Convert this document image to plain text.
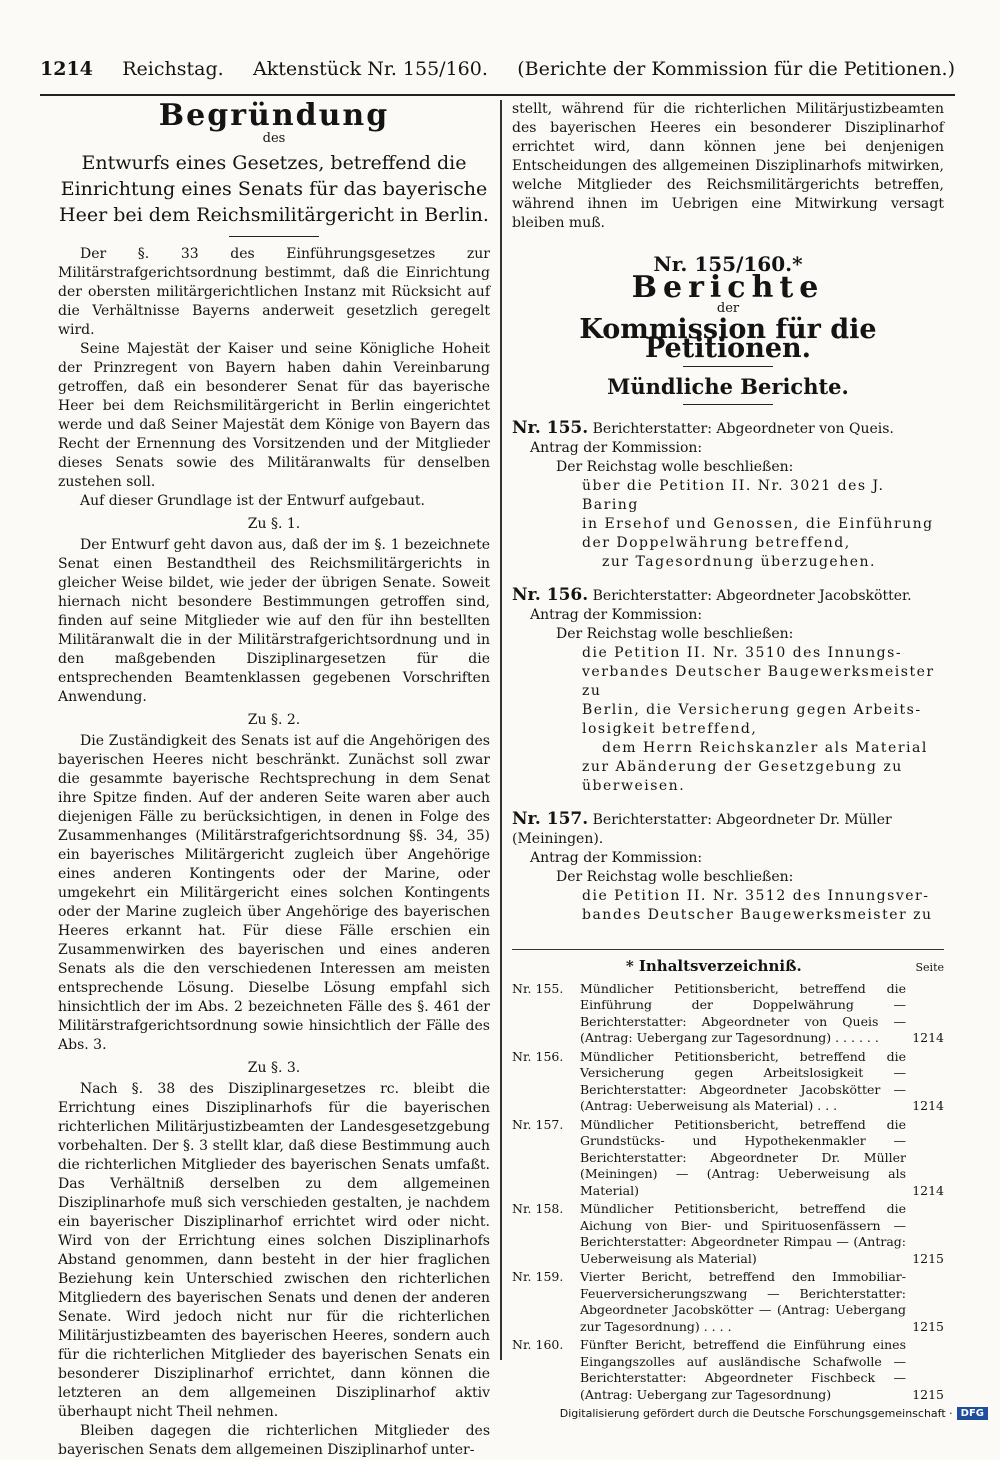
1214 Reichstag. Aktenstück Nr. 155/160. (Berichte der Kommission für die Petitionen.)
Begründung
des
Entwurfs eines Gesetzes, betreffend die Einrichtung eines Senats für das bayerische Heer bei dem Reichsmilitärgericht in Berlin.

Der §. 33 des Einführungsgesetzes zur Militärstrafgerichtsordnung bestimmt, daß die Einrichtung der obersten militärgerichtlichen Instanz mit Rücksicht auf die Verhältnisse Bayerns anderweit gesetzlich geregelt wird.

Seine Majestät der Kaiser und seine Königliche Hoheit der Prinzregent von Bayern haben dahin Vereinbarung getroffen, daß ein besonderer Senat für das bayerische Heer bei dem Reichsmilitärgericht in Berlin eingerichtet werde und daß Seiner Majestät dem Könige von Bayern das Recht der Ernennung des Vorsitzenden und der Mitglieder dieses Senats sowie des Militäranwalts für denselben zustehen soll.

Auf dieser Grundlage ist der Entwurf aufgebaut.

Zu §. 1.

Der Entwurf geht davon aus, daß der im §. 1 bezeichnete Senat einen Bestandtheil des Reichsmilitärgerichts in gleicher Weise bildet, wie jeder der übrigen Senate. Soweit hiernach nicht besondere Bestimmungen getroffen sind, finden auf seine Mitglieder wie auf den für ihn bestellten Militäranwalt die in der Militärstrafgerichtsordnung und in den maßgebenden Disziplinargesetzen für die entsprechenden Beamtenklassen gegebenen Vorschriften Anwendung.

Zu §. 2.

Die Zuständigkeit des Senats ist auf die Angehörigen des bayerischen Heeres nicht beschränkt. Zunächst soll zwar die gesammte bayerische Rechtsprechung in dem Senat ihre Spitze finden. Auf der anderen Seite waren aber auch diejenigen Fälle zu berücksichtigen, in denen in Folge des Zusammenhanges (Militärstrafgerichtsordnung §§. 34, 35) ein bayerisches Militärgericht zugleich über Angehörige eines anderen Kontingents oder der Marine, oder umgekehrt ein Militärgericht eines solchen Kontingents oder der Marine zugleich über Angehörige des bayerischen Heeres erkannt hat. Für diese Fälle erschien ein Zusammenwirken des bayerischen und eines anderen Senats als die den verschiedenen Interessen am meisten entsprechende Lösung. Dieselbe Lösung empfahl sich hinsichtlich der im Abs. 2 bezeichneten Fälle des §. 461 der Militärstrafgerichtsordnung sowie hinsichtlich der Fälle des Abs. 3.

Zu §. 3.

Nach §. 38 des Disziplinargesetzes rc. bleibt die Errichtung eines Disziplinarhofs für die bayerischen richterlichen Militärjustizbeamten der Landesgesetzgebung vorbehalten. Der §. 3 stellt klar, daß diese Bestimmung auch die richterlichen Mitglieder des bayerischen Senats umfaßt. Das Verhältniß derselben zu dem allgemeinen Disziplinarhofe muß sich verschieden gestalten, je nachdem ein bayerischer Disziplinarhof errichtet wird oder nicht. Wird von der Errichtung eines solchen Disziplinarhofs Abstand genommen, dann besteht in der hier fraglichen Beziehung kein Unterschied zwischen den richterlichen Mitgliedern des bayerischen Senats und denen der anderen Senate. Wird jedoch nicht nur für die richterlichen Militärjustizbeamten des bayerischen Heeres, sondern auch für die richterlichen Mitglieder des bayerischen Senats ein besonderer Disziplinarhof errichtet, dann können die letzteren an dem allgemeinen Disziplinarhof aktiv überhaupt nicht Theil nehmen.

Bleiben dagegen die richterlichen Mitglieder des bayerischen Senats dem allgemeinen Disziplinarhof unter-

stellt, während für die richterlichen Militärjustizbeamten des bayerischen Heeres ein besonderer Disziplinarhof errichtet wird, dann können jene bei denjenigen Entscheidungen des allgemeinen Disziplinarhofs mitwirken, welche Mitglieder des Reichsmilitärgerichts betreffen, während ihnen im Uebrigen eine Mitwirkung versagt bleiben muß.

Nr. 155/160.*
Berichte
der
Kommission für die Petitionen.
Mündliche Berichte.
Nr. 155. Berichterstatter: Abgeordneter von Queis.
Antrag der Kommission:
Der Reichstag wolle beschließen:
über die Petition II. Nr. 3021 des J. Baring
in Ersehof und Genossen, die Einführung
der Doppelwährung betreffend,
zur Tagesordnung überzugehen.
Nr. 156. Berichterstatter: Abgeordneter Jacobskötter.
Antrag der Kommission:
Der Reichstag wolle beschließen:
die Petition II. Nr. 3510 des Innungs-
verbandes Deutscher Baugewerksmeister zu
Berlin, die Versicherung gegen Arbeits-
losigkeit betreffend,
dem Herrn Reichskanzler als Material
zur Abänderung der Gesetzgebung zu
überweisen.
Nr. 157. Berichterstatter: Abgeordneter Dr. Müller (Meiningen).
Antrag der Kommission:
Der Reichstag wolle beschließen:
die Petition II. Nr. 3512 des Innungsver-
bandes Deutscher Baugewerksmeister zu
* Inhaltsverzeichniß.	Seite
Nr. 155.	Mündlicher Petitionsbericht, betreffend die Einführung der Doppelwährung — Berichterstatter: Abgeordneter von Queis — (Antrag: Uebergang zur Tagesordnung) . . . . . .	1214
Nr. 156.	Mündlicher Petitionsbericht, betreffend die Versicherung gegen Arbeitslosigkeit — Berichterstatter: Abgeordneter Jacobskötter — (Antrag: Ueberweisung als Material) . . .	1214
Nr. 157.	Mündlicher Petitionsbericht, betreffend die Grundstücks- und Hypothekenmakler — Berichterstatter: Abgeordneter Dr. Müller (Meiningen) — (Antrag: Ueberweisung als Material)	1214
Nr. 158.	Mündlicher Petitionsbericht, betreffend die Aichung von Bier- und Spirituosenfässern — Berichterstatter: Abgeordneter Rimpau — (Antrag: Ueberweisung als Material)	1215
Nr. 159.	Vierter Bericht, betreffend den Immobiliar-Feuerversicherungszwang — Berichterstatter: Abgeordneter Jacobskötter — (Antrag: Uebergang zur Tagesordnung) . . . .	1215
Nr. 160.	Fünfter Bericht, betreffend die Einführung eines Eingangszolles auf ausländische Schafwolle — Berichterstatter: Abgeordneter Fischbeck — (Antrag: Uebergang zur Tagesordnung)	1215
Digitalisierung gefördert durch die Deutsche Forschungsgemeinschaft · DFG
